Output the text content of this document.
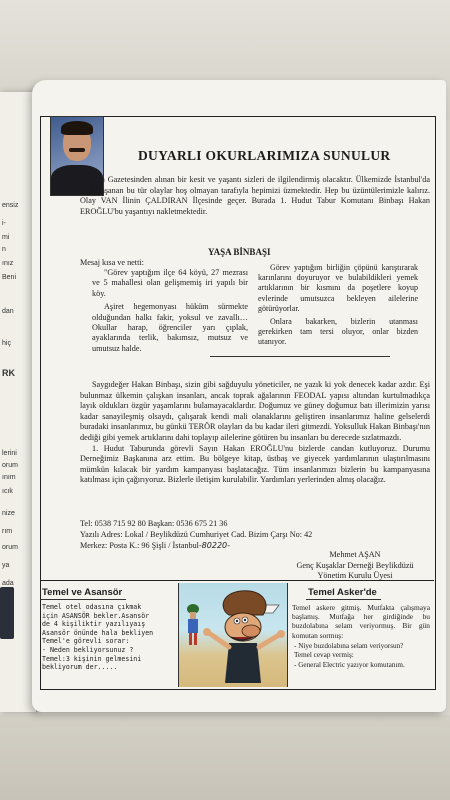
ensiz
i-
mi
n
ınız
Beni
dan
hiç
RK
lerini
orum
ınım
ıcık
nize
rım
orum
ya
ada
DUYARLI OKURLARIMIZA SUNULUR
Takvim Gazetesinden alınan bir kesit ve yaşantı sizleri de ilgilendirmiş olacaktır. Ülkemizde İstanbul'da dahi yaşanan bu tür olaylar hoş olmayan tarafıyla hepimizi üzmektedir. Hep bu üzüntülerimizle kalırız. Olay VAN İlinin ÇALDIRAN İlçesinde geçer. Burada 1. Hudut Tabur Komutanı Binbaşı Hakan EROĞLU'bu yaşantıyı nakletmektedir.
YAŞA BİNBAŞI
Mesaj kısa ve netti:

"Görev yaptığım ilçe 64 köyü, 27 mezrası ve 5 mahallesi olan gelişmemiş iri yapılı bir köy.

Aşiret hegemonyası hüküm sürmekte olduğundan halkı fakir, yoksul ve zavallı… Okullar harap, öğrenciler yarı çıplak, ayaklarında terlik, bakımsız, mutsuz ve umutsuz halde.

Görev yaptığım birliğin çöpünü karıştırarak karınlarını doyuruyor ve bulabildikleri yemek artıklarının bir kısmını da poşetlere koyup evlerinde umutsuzca bekleyen ailelerine götürüyorlar.

Onlara bakarken, bizlerin utanması gerekirken tam tersi oluyor, onlar bizden utanıyor.

Saygıdeğer Hakan Binbaşı, sizin gibi sağduyulu yöneticiler, ne yazık ki yok denecek kadar azdır. Eşi bulunmaz ülkemin çalışkan insanları, ancak toprak ağalarının FEODAL yapısı altından kurtulmadıkça layık oldukları özgür yaşamlarını bulamayacaklardır. Doğumuz ve güney doğumuz batı illerimizin yarısı kadar sanayileşmiş olsaydı, çalışarak kendi mali olanaklarını geliştiren insanlarımız haline gelselerdi buradaki insanlarımız, bu günkü TERÖR olayları da bu kadar ileri gitmezdi. Yoksulluk Hakan Binbaşı'nın dediği gibi yemek artıklarını dahi toplayıp ailelerine götüren bu insanları bu derecede sızlatmazdı.

1. Hudut Taburunda görevli Sayın Hakan EROĞLU'nu bizlerde candan kutluyoruz. Durumu Derneğimiz Başkanına arz ettim. Bu bölgeye kitap, üstbaş ve giyecek yardımlarının ulaştırılmasını mümkün kılacak bir yardım kampanyası başlatacağız. Tüm insanlarımızı bizlerin bu kampanyasına katılması için çağırıyoruz. Bizlerle iletişim kurulabilir. Yardımları yerlerinden almış olacağız.

Tel: 0538 715 92 80 Başkan: 0536 675 21 36
Yazılı Adres: Lokal / Beylikdüzü Cumhuriyet Cad. Bizim Çarşı No: 42
Merkez: Posta K.: 96 Şişli / İstanbul-80220-
Mehmet AŞAN
Genç Kuşaklar Derneği Beylikdüzü
Yönetim Kurulu Üyesi
Temel ve Asansör
Temel otel odasına çıkmak
için ASANSÖR bekler.Asansör
de 4 kişiliktir yazılıyaış
Asansör önünde hala bekliyen
Temel'e görevli sorar:
- Neden bekliyorsunuz ?
Temel:3 kişinin gelmesini
bekliyorum der.....
Temel Asker'de
Temel askere gitmiş. Mutfakta çalışmaya başlamış. Mutfağa her girdiğinde bu buzdolabına selam veriyormuş. Bir gün komutan sormuş:
- Niye buzdolabına selam veriyorsun?
Temel cevap vermiş:
- General Electric yazıyor komutanım.
